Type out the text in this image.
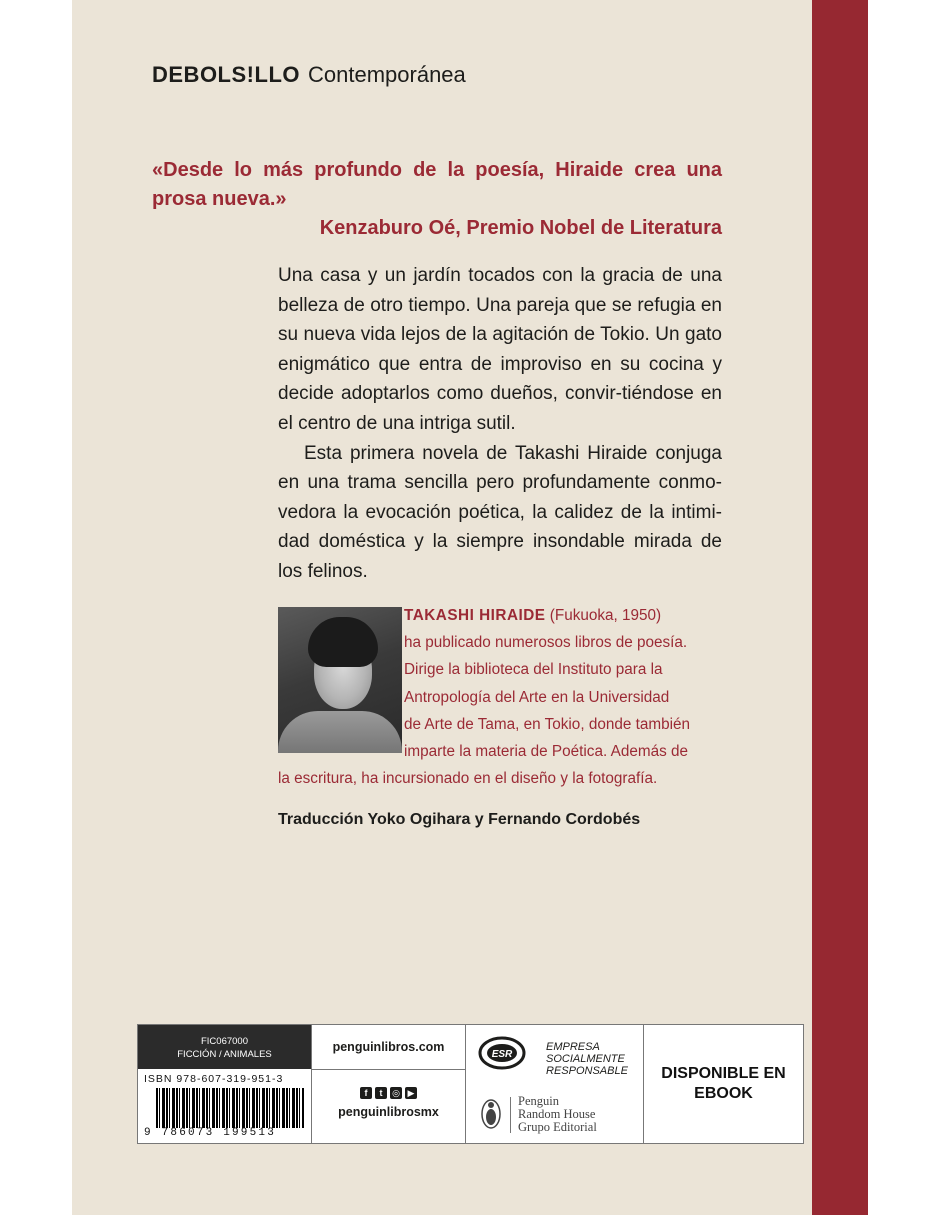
DEBOLS!LLO Contemporánea
«Desde lo más profundo de la poesía, Hiraide crea una prosa nueva.»
Kenzaburo Oé, Premio Nobel de Literatura

Una casa y un jardín tocados con la gracia de una belleza de otro tiempo. Una pareja que se refugia en su nueva vida lejos de la agitación de Tokio. Un gato enigmático que entra de improviso en su cocina y decide adoptarlos como dueños, convir-tiéndose en el centro de una intriga sutil.

Esta primera novela de Takashi Hiraide conjuga en una trama sencilla pero profundamente conmo-vedora la evocación poética, la calidez de la intimi-dad doméstica y la siempre insondable mirada de los felinos.

TAKASHI HIRAIDE (Fukuoka, 1950)
ha publicado numerosos libros de poesía.
Dirige la biblioteca del Instituto para la
Antropología del Arte en la Universidad
de Arte de Tama, en Tokio, donde también
imparte la materia de Poética. Además de
la escritura, ha incursionado en el diseño y la fotografía.
Traducción Yoko Ogihara y Fernando Cordobés
FIC067000
FICCIÓN / ANIMALES
ISBN 978-607-319-951-3
9 786073 199513
penguinlibros.com
f t ◎ ▶
penguinlibrosmx
ESR
EMPRESA
SOCIALMENTE
RESPONSABLE
Penguin
Random House
Grupo Editorial
DISPONIBLE EN
EBOOK
